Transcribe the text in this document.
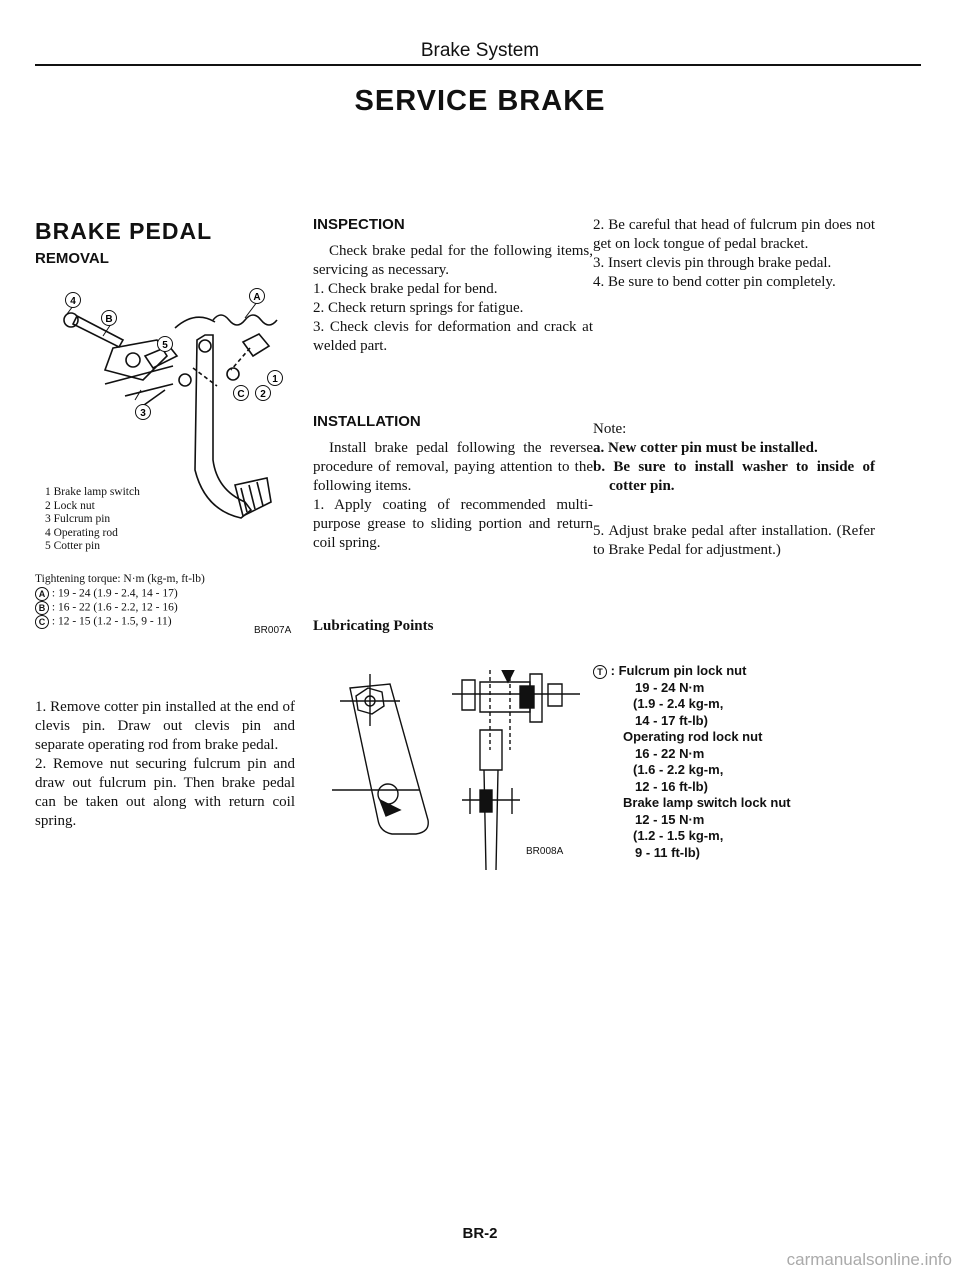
Brake System
SERVICE BRAKE
BRAKE PEDAL
REMOVAL
4
B
A
5
1
C 2
3
1 Brake lamp switch
2 Lock nut
3 Fulcrum pin
4 Operating rod
5 Cotter pin
Tightening torque: N·m (kg-m, ft-lb)
A : 19 - 24 (1.9 - 2.4, 14 - 17)
B : 16 - 22 (1.6 - 2.2, 12 - 16)
C : 12 - 15 (1.2 - 1.5, 9 - 11)
BR007A

1. Remove cotter pin installed at the end of clevis pin. Draw out clevis pin and separate operating rod from brake pedal.

2. Remove nut securing fulcrum pin and draw out fulcrum pin. Then brake pedal can be taken out along with return coil spring.

INSPECTION

Check brake pedal for the following items, servicing as necessary.

1. Check brake pedal for bend.

2. Check return springs for fatigue.

3. Check clevis for deformation and crack at welded part.

INSTALLATION

Install brake pedal following the reverse procedure of removal, paying attention to the following items.

1. Apply coating of recommended multi-purpose grease to sliding portion and return coil spring.

Lubricating Points
BR008A

2. Be careful that head of fulcrum pin does not get on lock tongue of pedal bracket.

3. Insert clevis pin through brake pedal.

4. Be sure to bend cotter pin completely.

Note:

a. New cotter pin must be installed.

b. Be sure to install washer to inside of cotter pin.

5. Adjust brake pedal after installation. (Refer to Brake Pedal for adjustment.)
T : Fulcrum pin lock nut
19 - 24 N·m
(1.9 - 2.4 kg-m,
14 - 17 ft-lb)
Operating rod lock nut
16 - 22 N·m
(1.6 - 2.2 kg-m,
12 - 16 ft-lb)
Brake lamp switch lock nut
12 - 15 N·m
(1.2 - 1.5 kg-m,
9 - 11 ft-lb)
BR-2
carmanualsonline.info
